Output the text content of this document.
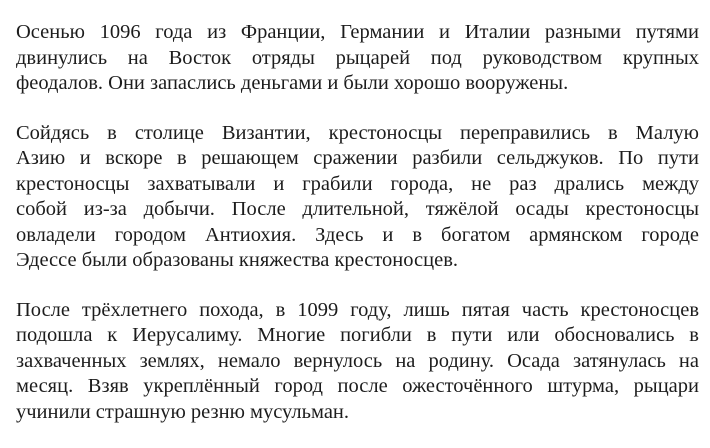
Осенью 1096 года из Франции, Германии и Италии разными путями
двинулись на Восток отряды рыцарей под руководством крупных
феодалов. Они запаслись деньгами и были хорошо вооружены.

Сойдясь в столице Византии, крестоносцы переправились в Малую
Азию и вскоре в решающем сражении разбили сельджуков. По пути
крестоносцы захватывали и грабили города, не раз дрались между
собой из-за добычи. После длительной, тяжёлой осады крестоносцы
овладели городом Антиохия. Здесь и в богатом армянском городе
Эдессе были образованы княжества крестоносцев.

После трёхлетнего похода, в 1099 году, лишь пятая часть крестоносцев
подошла к Иерусалиму. Многие погибли в пути или обосновались в
захваченных землях, немало вернулось на родину. Осада затянулась на
месяц. Взяв укреплённый город после ожесточённого штурма, рыцари
учинили страшную резню мусульман.
